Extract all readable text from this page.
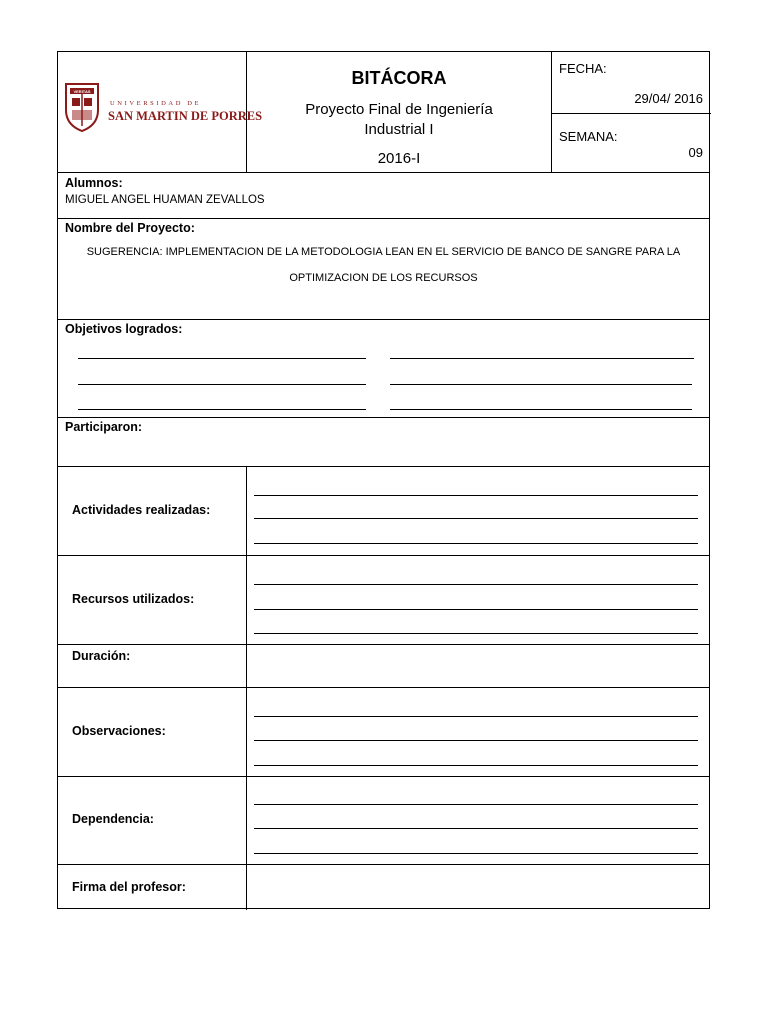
VERITAS
UNIVERSIDAD DE
SAN MARTIN DE PORRES
BITÁCORA
Proyecto Final de Ingeniería Industrial I
2016-I
FECHA:
29/04/ 2016
SEMANA:
09
Alumnos:
MIGUEL ANGEL HUAMAN ZEVALLOS
Nombre del Proyecto:
SUGERENCIA: IMPLEMENTACION DE LA METODOLOGIA LEAN EN EL SERVICIO DE BANCO DE SANGRE PARA LA
OPTIMIZACION DE LOS RECURSOS
Objetivos logrados:
Participaron:
Actividades realizadas:
Recursos utilizados:
Duración:
Observaciones:
Dependencia:
Firma del profesor:
